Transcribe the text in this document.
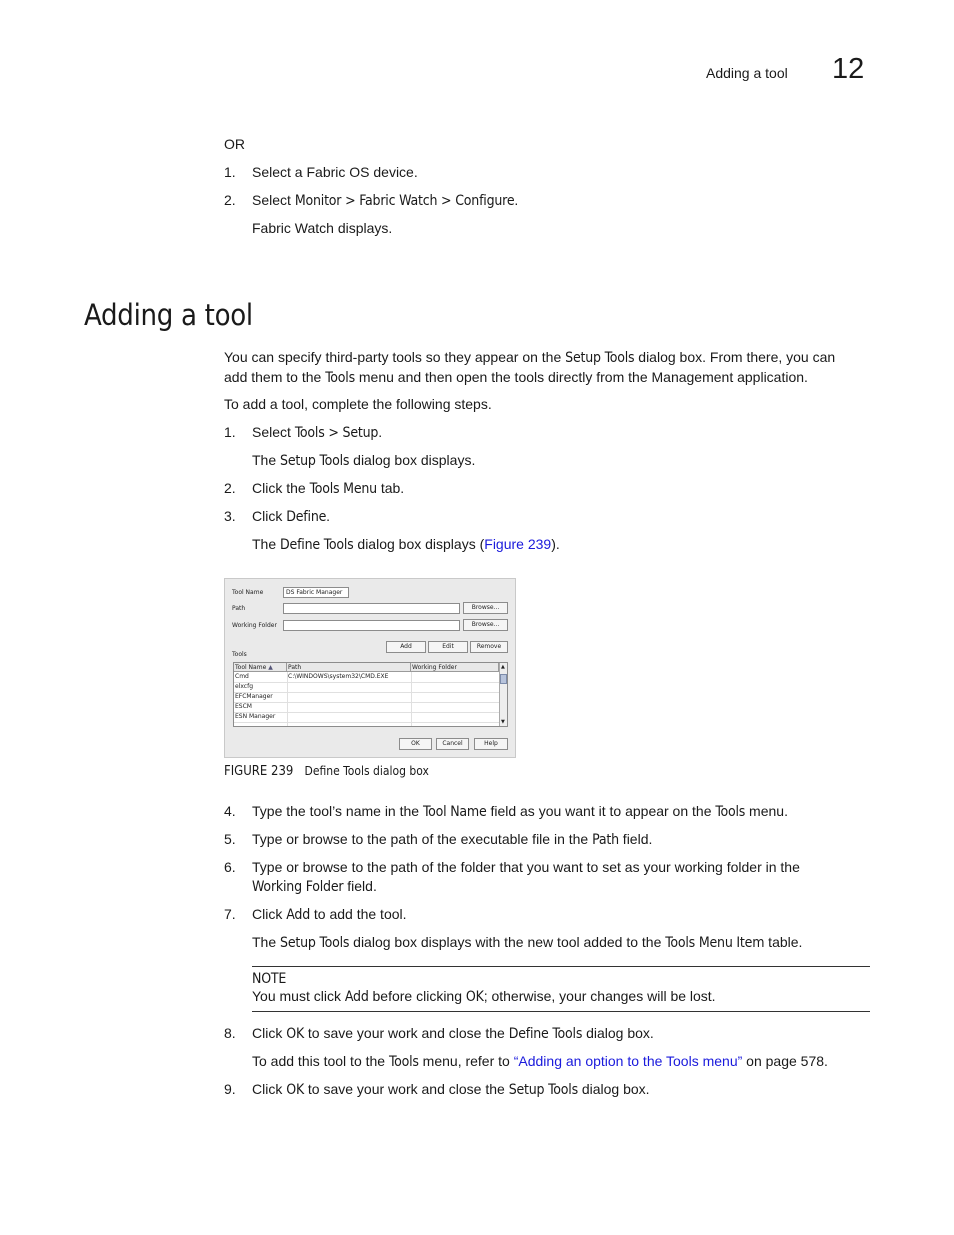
Adding a tool 12
OR
1. Select a Fabric OS device.
2. Select Monitor > Fabric Watch > Configure.
Fabric Watch displays.
Adding a tool
You can specify third-party tools so they appear on the Setup Tools dialog box. From there, you can
add them to the Tools menu and then open the tools directly from the Management application.
To add a tool, complete the following steps.
1. Select Tools > Setup.
The Setup Tools dialog box displays.
2. Click the Tools Menu tab.
3. Click Define.
The Define Tools dialog box displays (Figure 239).
Tool Name	DS Fabric Manager
Path	Browse...
Working Folder	Browse...
Add	Edit	Remove
Tools
Tool Name ▲	Path	Working Folder
Cmd	C:\WINDOWS\system32\CMD.EXE
elxcfg
EFCManager
ESCM
ESN Manager
▲
▼
OK	Cancel	Help
FIGURE 239 Define Tools dialog box
4. Type the tool’s name in the Tool Name field as you want it to appear on the Tools menu.
5. Type or browse to the path of the executable file in the Path field.
6. Type or browse to the path of the folder that you want to set as your working folder in the
Working Folder field.
7. Click Add to add the tool.
The Setup Tools dialog box displays with the new tool added to the Tools Menu Item table.
NOTE
You must click Add before clicking OK; otherwise, your changes will be lost.
8. Click OK to save your work and close the Define Tools dialog box.
To add this tool to the Tools menu, refer to “Adding an option to the Tools menu” on page 578.
9. Click OK to save your work and close the Setup Tools dialog box.
